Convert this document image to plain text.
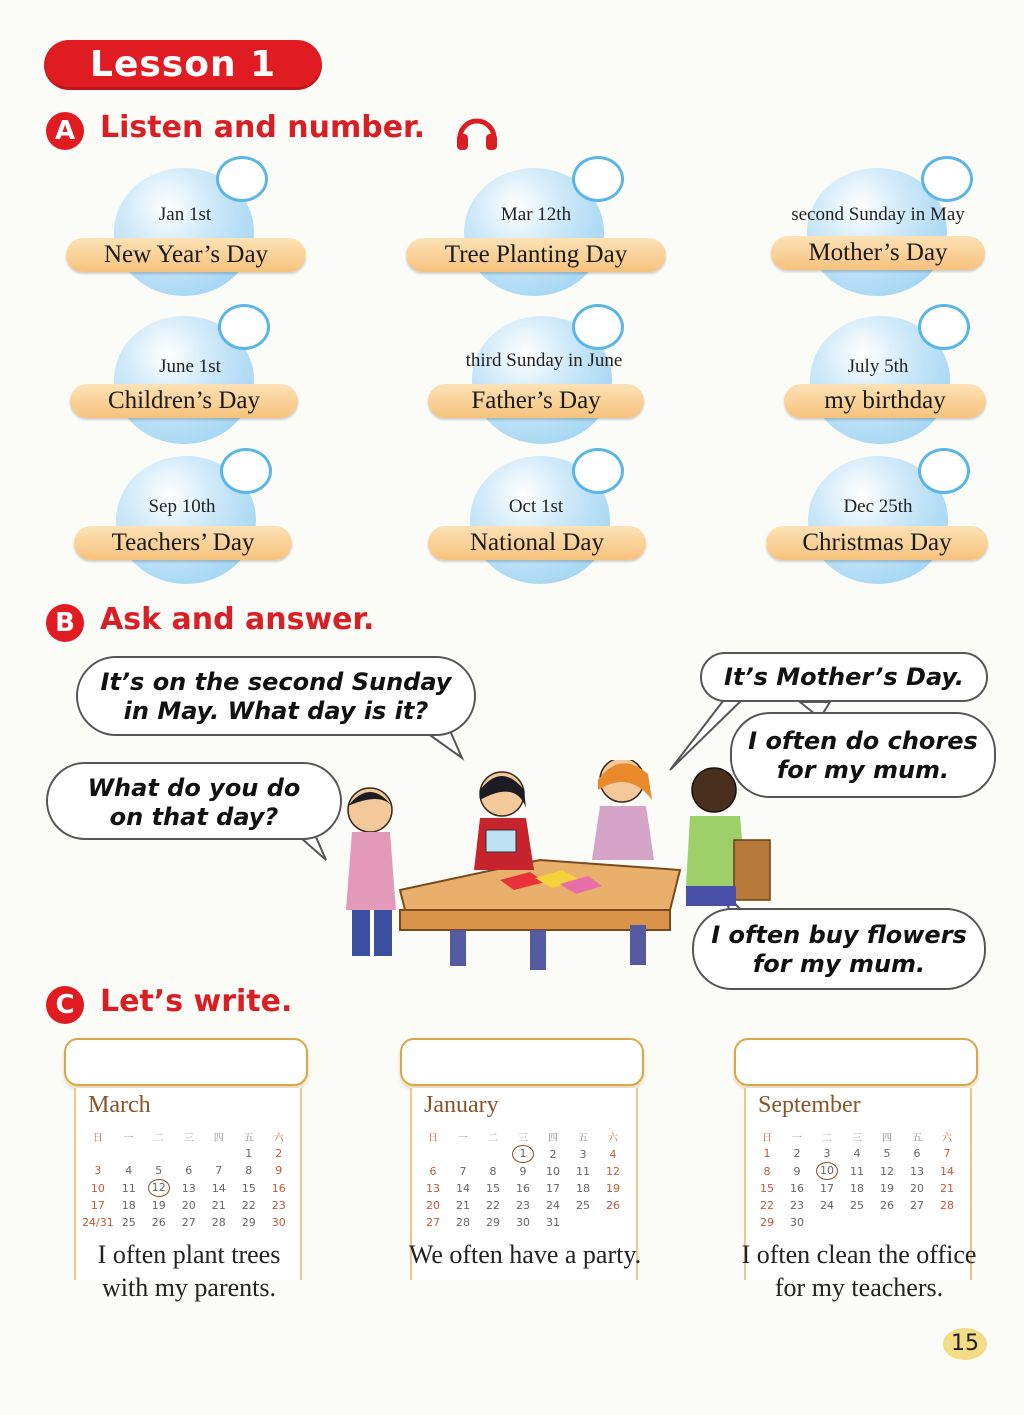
Lesson 1
A Listen and number.
Jan 1st
New Year’s Day
Mar 12th
Tree Planting Day
second Sunday in May
Mother’s Day
June 1st
Children’s Day
third Sunday in June
Father’s Day
July 5th
my birthday
Sep 10th
Teachers’ Day
Oct 1st
National Day
Dec 25th
Christmas Day
B Ask and answer.
It’s on the second Sunday
in May. What day is it?
It’s Mother’s Day.
I often do chores
for my mum.
What do you do
on that day?
I often buy flowers
for my mum.
C Let’s write.
March
日	一	二	三	四	五	六
					1	2
3	4	5	6	7	8	9
10	11	12	13	14	15	16
17	18	19	20	21	22	23
24/31	25	26	27	28	29	30
I often plant trees
with my parents.
January
日	一	二	三	四	五	六
			1	2	3	4
6	7	8	9	10	11	12
13	14	15	16	17	18	19
20	21	22	23	24	25	26
27	28	29	30	31		
We often have a party.
September
日	一	二	三	四	五	六
1	2	3	4	5	6	7
8	9	10	11	12	13	14
15	16	17	18	19	20	21
22	23	24	25	26	27	28
29	30					
I often clean the office
for my teachers.
15
